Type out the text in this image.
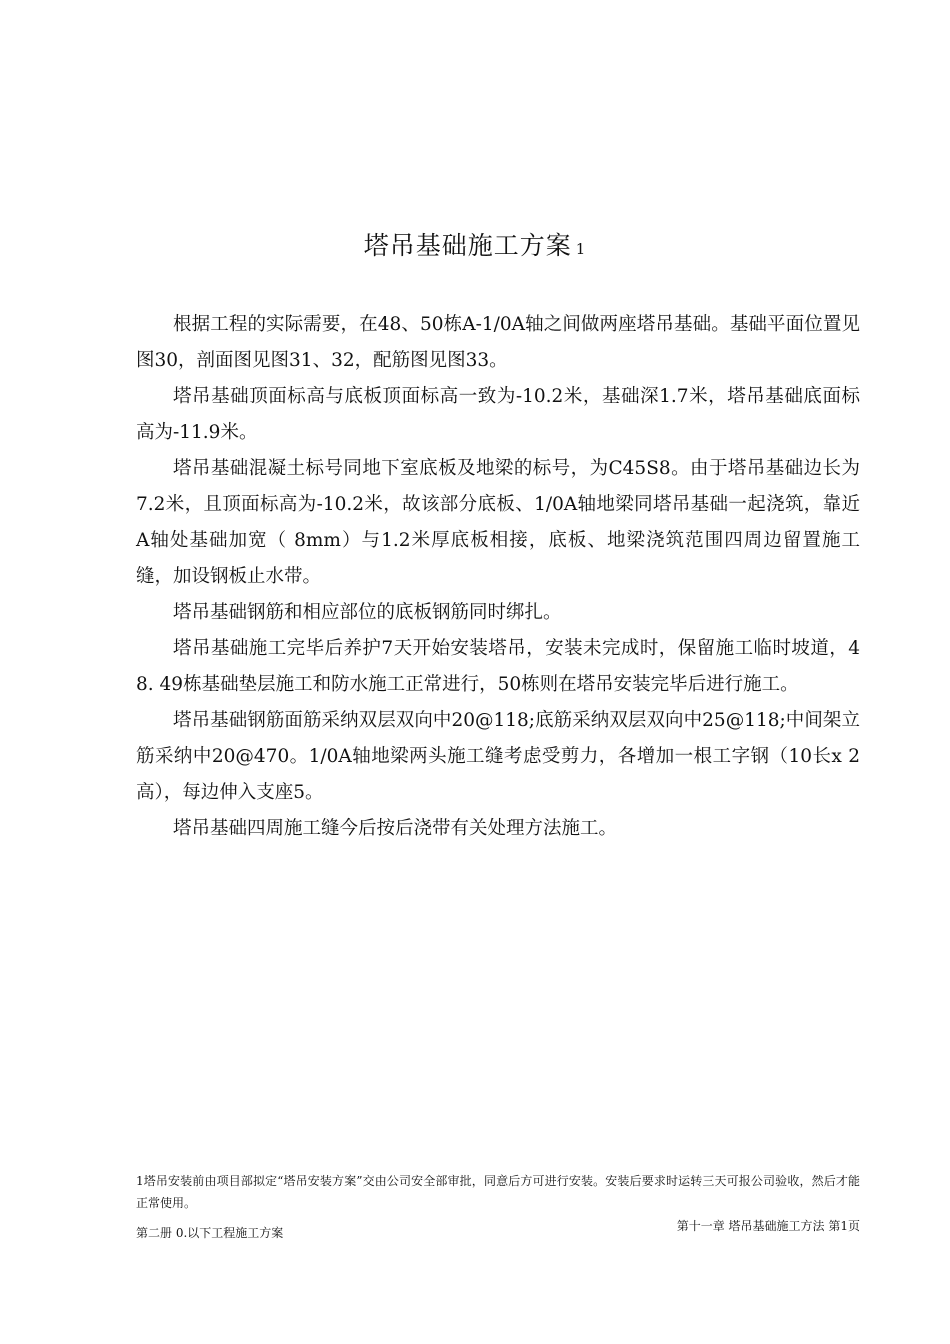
塔吊基础施工方案 1

根据工程的实际需要，在48、50栋A-1/0A轴之间做两座塔吊基础。基础平面位置见图30，剖面图见图31、32，配筋图见图33。

塔吊基础顶面标高与底板顶面标高一致为-10.2米，基础深1.7米，塔吊基础底面标高为-11.9米。

塔吊基础混凝土标号同地下室底板及地梁的标号，为C45S8。由于塔吊基础边长为7.2米，且顶面标高为-10.2米，故该部分底板、1/0A轴地梁同塔吊基础一起浇筑，靠近A轴处基础加宽（ 8mm）与1.2米厚底板相接，底板、地梁浇筑范围四周边留置施工缝，加设钢板止水带。

塔吊基础钢筋和相应部位的底板钢筋同时绑扎。

塔吊基础施工完毕后养护7天开始安装塔吊，安装未完成时，保留施工临时坡道，48. 49栋基础垫层施工和防水施工正常进行，50栋则在塔吊安装完毕后进行施工。

塔吊基础钢筋面筋采纳双层双向中20@118;底筋采纳双层双向中25@118;中间架立筋采纳中20@470。1/0A轴地梁两头施工缝考虑受剪力，各增加一根工字钢（10长x 2高），每边伸入支座5。

塔吊基础四周施工缝今后按后浇带有关处理方法施工。

1塔吊安装前由项目部拟定“塔吊安装方案”交由公司安全部审批，同意后方可进行安装。安装后要求时运转三天可报公司验收，然后才能正常使用。
第二册 0.以下工程施工方案	第十一章 塔吊基础施工方法 第1页
